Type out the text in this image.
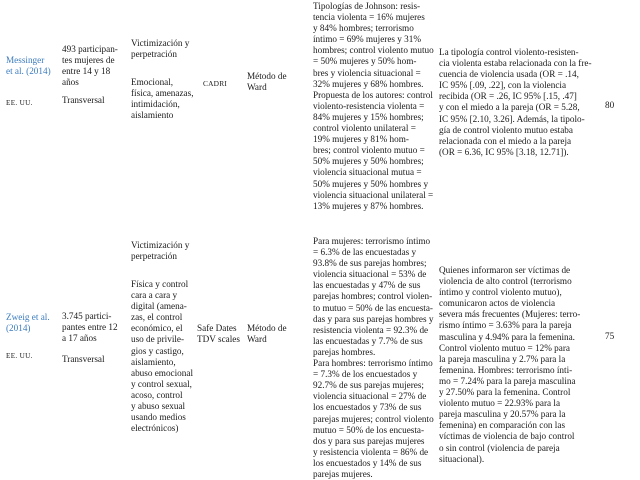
Messinger
et al. (2014)
EE. UU.
493 participan-
tes mujeres de
entre 14 y 18
años
Transversal
Victimización y
perpetración
Emocional,
física, amenazas,
intimidación,
aislamiento
CADRI
Método de
Ward
Tipologías de Johnson: resis-
tencia violenta = 16% mujeres
y 84% hombres; terrorismo
íntimo = 69% mujeres y 31%
hombres; control violento mutuo
= 50% mujeres y 50% hom-
bres y violencia situacional =
32% mujeres y 68% hombres.
Propuesta de los autores: control
violento-resistencia violenta =
84% mujeres y 15% hombres;
control violento unilateral =
19% mujeres y 81% hom-
bres; control violento mutuo =
50% mujeres y 50% hombres;
violencia situacional mutua =
50% mujeres y 50% hombres y
violencia situacional unilateral =
13% mujeres y 87% hombres.
La tipología control violento-resisten-
cia violenta estaba relacionada con la fre-
cuencia de violencia usada (OR = .14,
IC 95% [.09, .22], con la violencia
recibida (OR = .26, IC 95% [.15, .47]
y con el miedo a la pareja (OR = 5.28,
IC 95% [2.10, 3.26]. Además, la tipolo-
gía de control violento mutuo estaba
relacionada con el miedo a la pareja
(OR = 6.36, IC 95% [3.18, 12.71]).
80
Zweig et al.
(2014)
EE. UU.
3.745 partici-
pantes entre 12
a 17 años
Transversal
Victimización y
perpetración
Física y control
cara a cara y
digital (amena-
zas, el control
económico, el
uso de privile-
gios y castigo,
aislamiento,
abuso emocional
y control sexual,
acoso, control
y abuso sexual
usando medios
electrónicos)
Safe Dates
TDV scales
Método de
Ward
Para mujeres: terrorismo íntimo
= 6.3% de las encuestadas y
93.8% de sus parejas hombres;
violencia situacional = 53% de
las encuestadas y 47% de sus
parejas hombres; control violen-
to mutuo = 50% de las encuesta-
das y para sus parejas hombres y
resistencia violenta = 92.3% de
las encuestadas y 7.7% de sus
parejas hombres.
Para hombres: terrorismo íntimo
= 7.3% de los encuestados y
92.7% de sus parejas mujeres;
violencia situacional = 27% de
los encuestados y 73% de sus
parejas mujeres; control violento
mutuo = 50% de los encuesta-
dos y para sus parejas mujeres
y resistencia violenta = 86% de
los encuestados y 14% de sus
parejas mujeres.
Quienes informaron ser víctimas de
violencia de alto control (terrorismo
íntimo y control violento mutuo),
comunicaron actos de violencia
severa más frecuentes (Mujeres: terro-
rismo íntimo = 3.63% para la pareja
masculina y 4.94% para la femenina.
Control violento mutuo = 12% para
la pareja masculina y 2.7% para la
femenina. Hombres: terrorismo ínti-
mo = 7.24% para la pareja masculina
y 27.50% para la femenina. Control
violento mutuo = 22.93% para la
pareja masculina y 20.57% para la
femenina) en comparación con las
víctimas de violencia de bajo control
o sin control (violencia de pareja
situacional).
75
